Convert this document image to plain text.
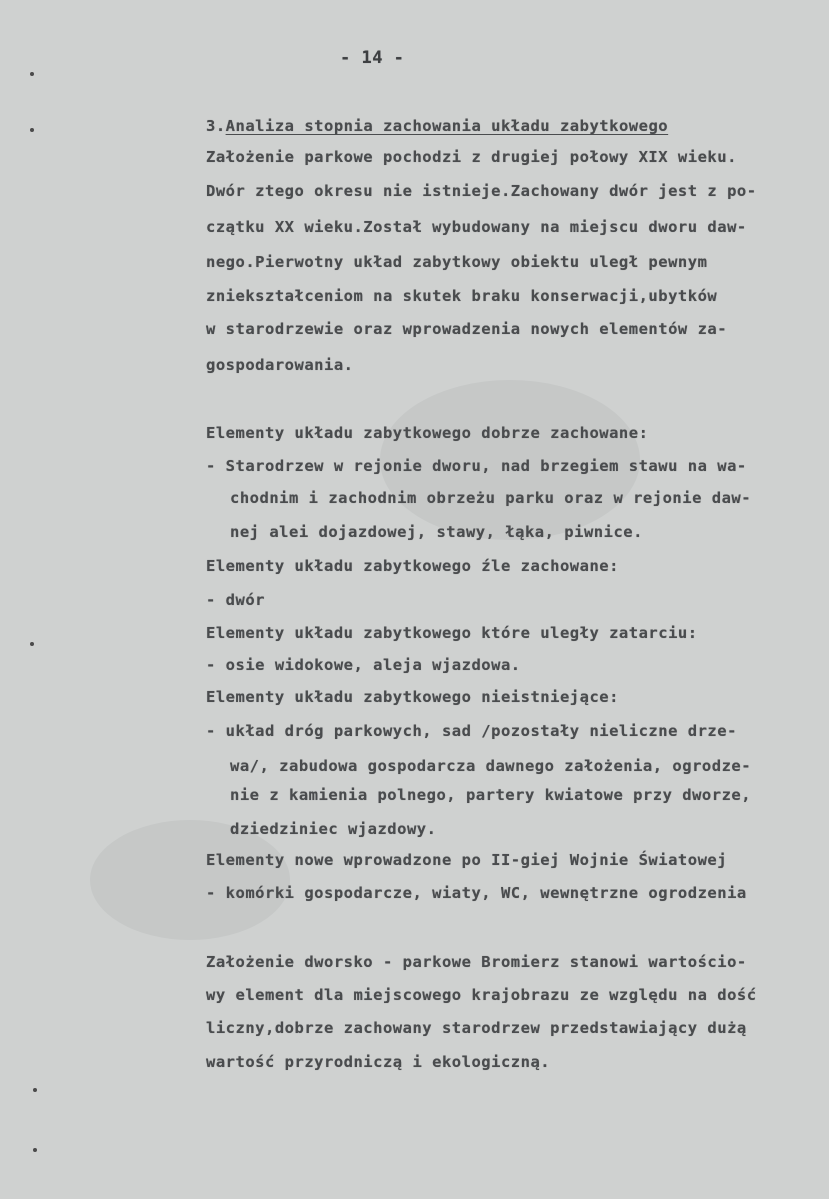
- 14 -
3.Analiza stopnia zachowania układu zabytkowego
Założenie parkowe pochodzi z drugiej połowy XIX wieku.
Dwór ztego okresu nie istnieje.Zachowany dwór jest z po-
czątku XX wieku.Został wybudowany na miejscu dworu daw-
nego.Pierwotny układ zabytkowy obiektu uległ pewnym
zniekształceniom na skutek braku konserwacji,ubytków
w starodrzewie oraz wprowadzenia nowych elementów za-
gospodarowania.
Elementy układu zabytkowego dobrze zachowane:
- Starodrzew w rejonie dworu, nad brzegiem stawu na wa-
chodnim i zachodnim obrzeżu parku oraz w rejonie daw-
nej alei dojazdowej, stawy, łąka, piwnice.
Elementy układu zabytkowego źle zachowane:
- dwór
Elementy układu zabytkowego które uległy zatarciu:
- osie widokowe, aleja wjazdowa.
Elementy układu zabytkowego nieistniejące:
- układ dróg parkowych, sad /pozostały nieliczne drze-
wa/, zabudowa gospodarcza dawnego założenia, ogrodze-
nie z kamienia polnego, partery kwiatowe przy dworze,
dziedziniec wjazdowy.
Elementy nowe wprowadzone po II-giej Wojnie Światowej
- komórki gospodarcze, wiaty, WC, wewnętrzne ogrodzenia
Założenie dworsko - parkowe Bromierz stanowi wartościo-
wy element dla miejscowego krajobrazu ze względu na dość
liczny,dobrze zachowany starodrzew przedstawiający dużą
wartość przyrodniczą i ekologiczną.
